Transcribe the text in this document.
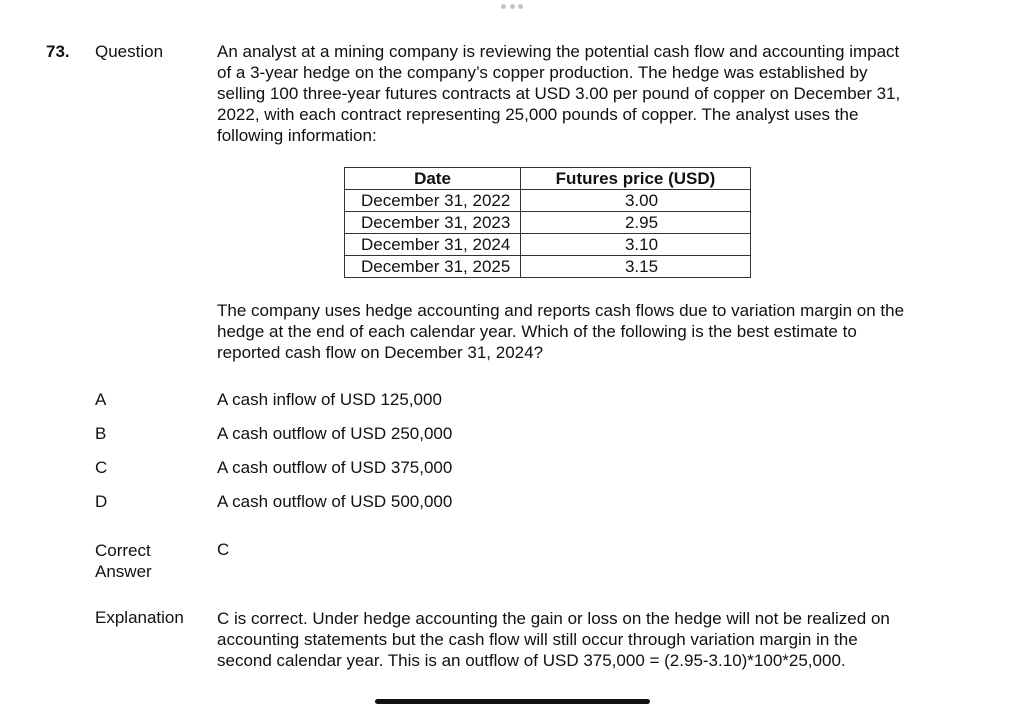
73. Question	An analyst at a mining company is reviewing the potential cash flow and accounting impact of a 3-year hedge on the company’s copper production. The hedge was established by selling 100 three-year futures contracts at USD 3.00 per pound of copper on December 31, 2022, with each contract representing 25,000 pounds of copper. The analyst uses the following information:
Date	Futures price (USD)
December 31, 2022	3.00
December 31, 2023	2.95
December 31, 2024	3.10
December 31, 2025	3.15
The company uses hedge accounting and reports cash flows due to variation margin on the hedge at the end of each calendar year. Which of the following is the best estimate to reported cash flow on December 31, 2024?
A	A cash inflow of USD 125,000
B	A cash outflow of USD 250,000
C	A cash outflow of USD 375,000
D	A cash outflow of USD 500,000
Correct Answer
C
Explanation C is correct. Under hedge accounting the gain or loss on the hedge will not be realized on accounting statements but the cash flow will still occur through variation margin in the second calendar year. This is an outflow of USD 375,000 = (2.95-3.10)*100*25,000.
